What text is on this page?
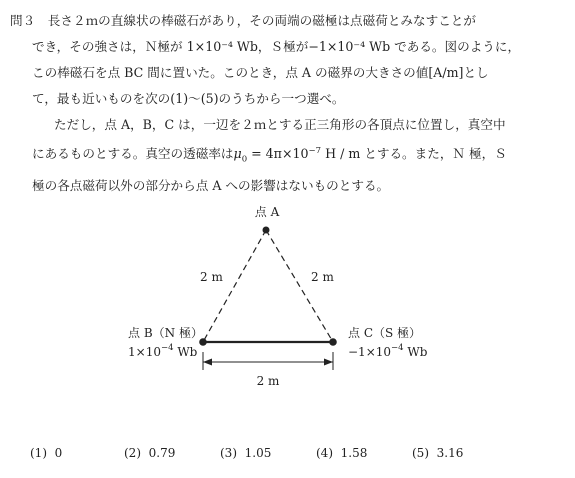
問３　 長さ２ｍの直線状の棒磁石があり，その両端の磁極は点磁荷とみなすことが
でき，その強さは，Ｎ極が 1×10⁻⁴ Wb，Ｓ極が−1×10⁻⁴ Wb である。図のように，
この棒磁石を点 BC 間に置いた。このとき，点 A の磁界の大きさの値[A/m]とし
て，最も近いものを次の(1)〜(5)のうちから一つ選べ。
ただし，点 A，B，C は，一辺を２ｍとする正三角形の各頂点に位置し，真空中
にあるものとする。真空の透磁率は$\mu_0 = 4\pi\times 10^{-7}$ H / m とする。また，Ｎ 極，Ｓ
極の各点磁荷以外の部分から点 A への影響はないものとする。
点 A
2 m	2 m
点 B（N 極）
$1\times 10^{-4}$ Wb
点 C（S 極）
$-1\times 10^{-4}$ Wb
2 m
(1) 0	(2) 0.79	(3) 1.05	(4) 1.58	(5) 3.16
